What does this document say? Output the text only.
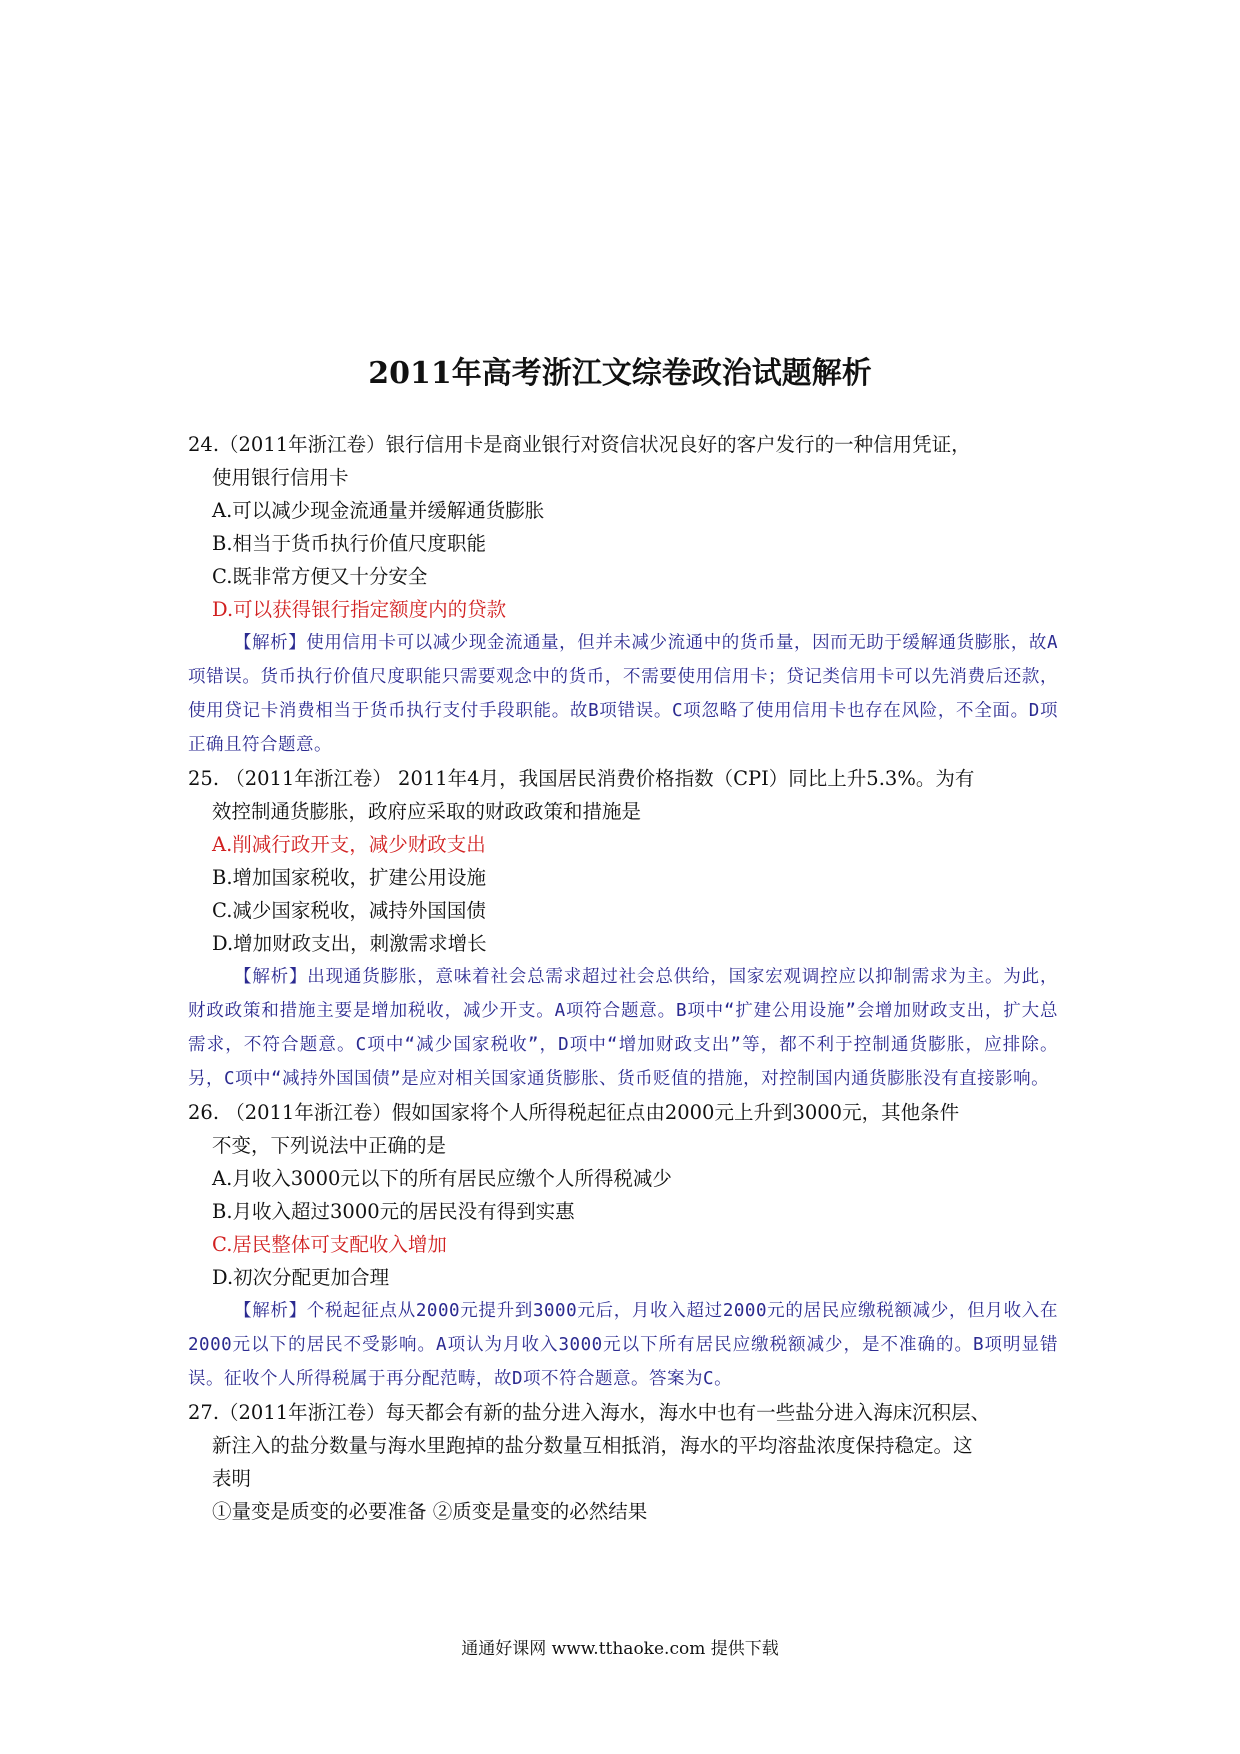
2011年高考浙江文综卷政治试题解析
24.（2011年浙江卷）银行信用卡是商业银行对资信状况良好的客户发行的一种信用凭证，
使用银行信用卡
A.可以减少现金流通量并缓解通货膨胀
B.相当于货币执行价值尺度职能
C.既非常方便又十分安全
D.可以获得银行指定额度内的贷款
【解析】使用信用卡可以减少现金流通量，但并未减少流通中的货币量，因而无助于缓解通货膨胀，故A项错误。货币执行价值尺度职能只需要观念中的货币，不需要使用信用卡；贷记类信用卡可以先消费后还款，使用贷记卡消费相当于货币执行支付手段职能。故B项错误。C项忽略了使用信用卡也存在风险，不全面。D项正确且符合题意。
25. （2011年浙江卷） 2011年4月，我国居民消费价格指数（CPI）同比上升5.3%。为有
效控制通货膨胀，政府应采取的财政政策和措施是
A.削减行政开支，减少财政支出
B.增加国家税收，扩建公用设施
C.减少国家税收，减持外国国债
D.增加财政支出，刺激需求增长
【解析】出现通货膨胀，意味着社会总需求超过社会总供给，国家宏观调控应以抑制需求为主。为此，财政政策和措施主要是增加税收，减少开支。A项符合题意。B项中“扩建公用设施”会增加财政支出，扩大总需求，不符合题意。C项中“减少国家税收”，D项中“增加财政支出”等，都不利于控制通货膨胀，应排除。另，C项中“减持外国国债”是应对相关国家通货膨胀、货币贬值的措施，对控制国内通货膨胀没有直接影响。
26. （2011年浙江卷）假如国家将个人所得税起征点由2000元上升到3000元，其他条件
不变，下列说法中正确的是
A.月收入3000元以下的所有居民应缴个人所得税减少
B.月收入超过3000元的居民没有得到实惠
C.居民整体可支配收入增加
D.初次分配更加合理
【解析】个税起征点从2000元提升到3000元后，月收入超过2000元的居民应缴税额减少，但月收入在2000元以下的居民不受影响。A项认为月收入3000元以下所有居民应缴税额减少，是不准确的。B项明显错误。征收个人所得税属于再分配范畴，故D项不符合题意。答案为C。
27.（2011年浙江卷）每天都会有新的盐分进入海水，海水中也有一些盐分进入海床沉积层、
新注入的盐分数量与海水里跑掉的盐分数量互相抵消，海水的平均溶盐浓度保持稳定。这
表明
①量变是质变的必要准备 ②质变是量变的必然结果
通通好课网 www.tthaoke.com 提供下载
